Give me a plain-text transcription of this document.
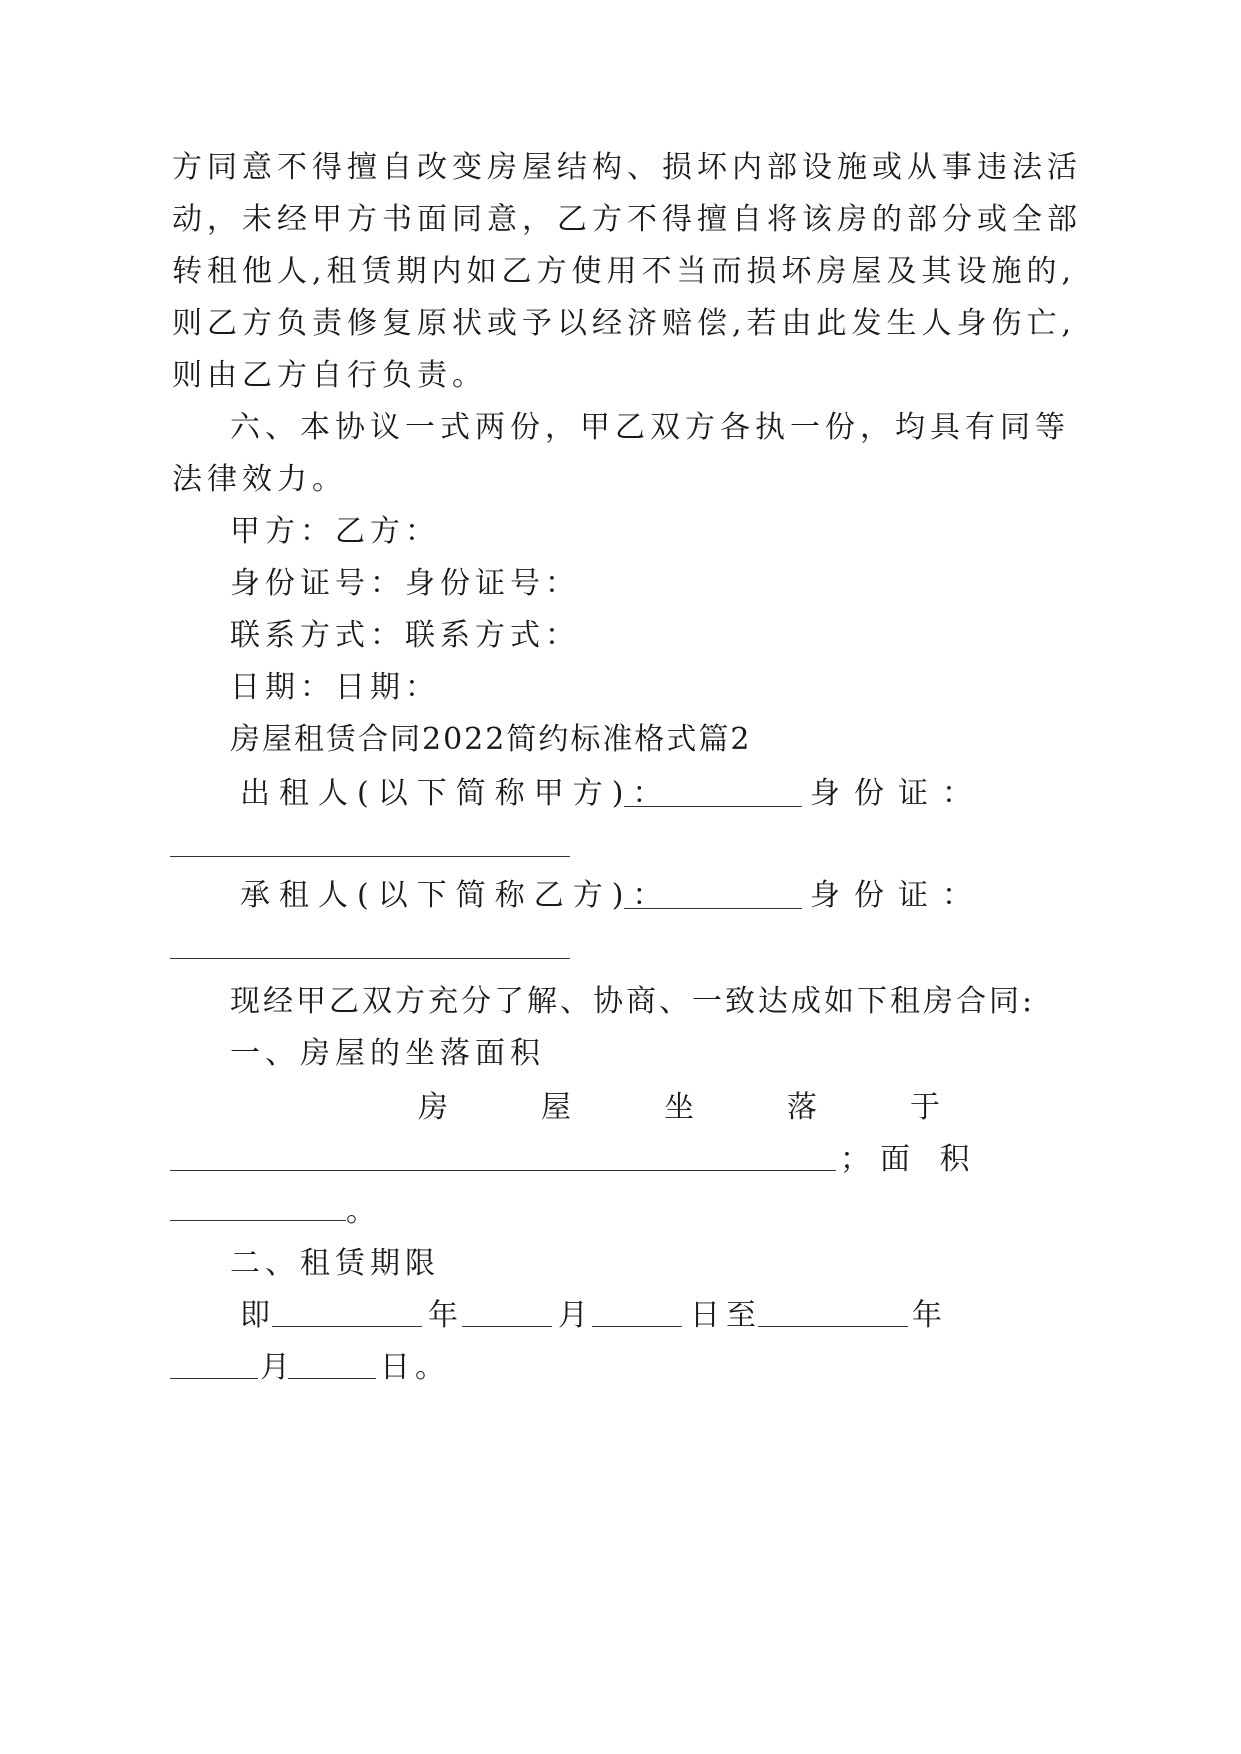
方同意不得擅自改变房屋结构、损坏内部设施或从事违法活
动，未经甲方书面同意，乙方不得擅自将该房的部分或全部
转租他人,租赁期内如乙方使用不当而损坏房屋及其设施的,
则乙方负责修复原状或予以经济赔偿,若由此发生人身伤亡,
则由乙方自行负责。
六、本协议一式两份，甲乙双方各执一份，均具有同等
法律效力。
甲方：乙方：
身份证号：身份证号：
联系方式：联系方式：
日期：日期：
房屋租赁合同2022简约标准格式篇2
出租人(以下简称甲方)：	身份证：
承租人(以下简称乙方)：	身份证：
现经甲乙双方充分了解、协商、一致达成如下租房合同:
一、房屋的坐落面积
房	屋	坐	落	于
；面 积
。
二、租赁期限
即	年	月	日至	年
月	日。
